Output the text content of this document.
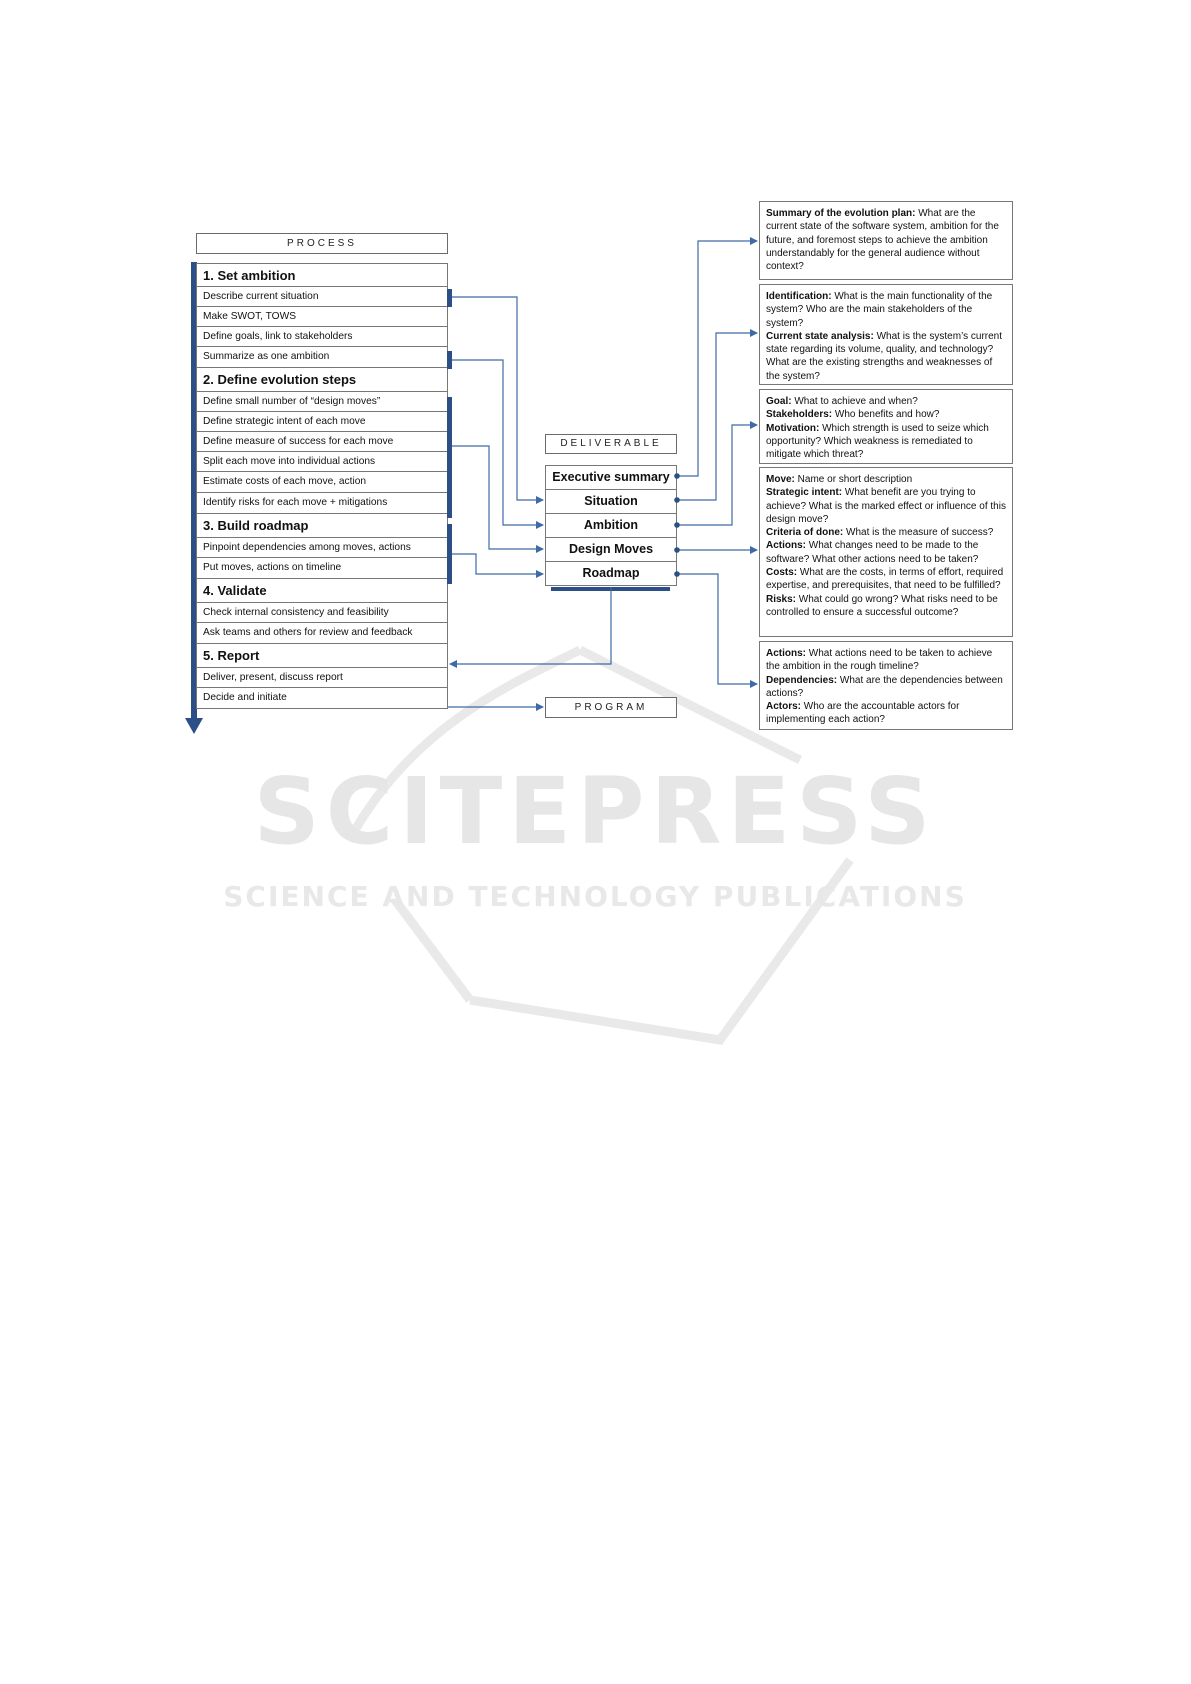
SCITEPRESS
SCIENCE AND TECHNOLOGY PUBLICATIONS
PROCESS
DELIVERABLE
PROGRAM
1. Set ambition
Describe current situation
Make SWOT, TOWS
Define goals, link to stakeholders
Summarize as one ambition
2. Define evolution steps
Define small number of “design moves”
Define strategic intent of each move
Define measure of success for each move
Split each move into individual actions
Estimate costs of each move, action
Identify risks for each move + mitigations
3. Build roadmap
Pinpoint dependencies among moves, actions
Put moves, actions on timeline
4. Validate
Check internal consistency and feasibility
Ask teams and others for review and feedback
5. Report
Deliver, present, discuss report
Decide and initiate
Executive summary
Situation
Ambition
Design Moves
Roadmap

Summary of the evolution plan: What are the current state of the software system, ambition for the future, and foremost steps to achieve the ambition understandably for the general audience without context?

Identification: What is the main functionality of the system? Who are the main stakeholders of the system?

Current state analysis: What is the system’s current state regarding its volume, quality, and technology? What are the existing strengths and weaknesses of the system?

Goal: What to achieve and when?

Stakeholders: Who benefits and how?

Motivation: Which strength is used to seize which opportunity? Which weakness is remediated to mitigate which threat?

Move: Name or short description

Strategic intent: What benefit are you trying to achieve? What is the marked effect or influence of this design move?

Criteria of done: What is the measure of success?

Actions: What changes need to be made to the software? What other actions need to be taken?

Costs: What are the costs, in terms of effort, required expertise, and prerequisites, that need to be fulfilled?

Risks: What could go wrong? What risks need to be controlled to ensure a successful outcome?

Actions: What actions need to be taken to achieve the ambition in the rough timeline?

Dependencies: What are the dependencies between actions?

Actors: Who are the accountable actors for implementing each action?
